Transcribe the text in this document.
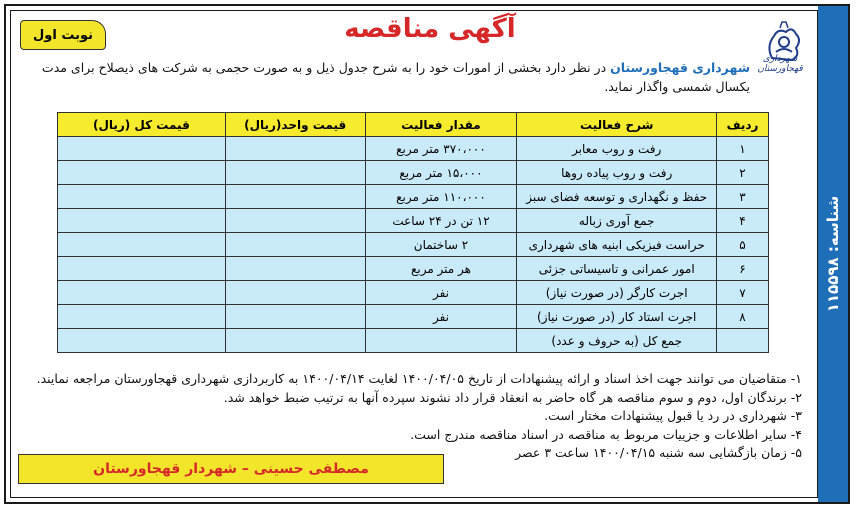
شناسه: ۱۱۵۵۹۸
نوبت اول	آگهی مناقصه
شهرداری قهجاورستان
شهرداری قهجاورستان در نظر دارد بخشی از امورات خود را به شرح جدول ذیل و به صورت حجمی به شرکت های ذیصلاح برای مدت
یکسال شمسی واگذار نماید.
ردیف	شرح فعالیت	مقدار فعالیت	قیمت واحد(ریال)	قیمت کل (ریال)
۱	رفت و روب معابر	۳۷۰،۰۰۰ متر مربع		
۲	رفت و روب پیاده روها	۱۵،۰۰۰ متر مربع		
۳	حفظ و نگهداری و توسعه فضای سبز	۱۱۰،۰۰۰ متر مربع		
۴	جمع آوری زباله	۱۲ تن در ۲۴ ساعت		
۵	حراست فیزیکی ابنیه های شهرداری	۲ ساختمان		
۶	امور عمرانی و تاسیساتی جزئی	هر متر مربع		
۷	اجرت کارگر (در صورت نیاز)	نفر		
۸	اجرت استاد کار (در صورت نیاز)	نفر		
	جمع کل (به حروف و عدد)			
۱- متقاضیان می توانند جهت اخذ اسناد و ارائه پیشنهادات از تاریخ ۱۴۰۰/۰۴/۰۵ لغایت ۱۴۰۰/۰۴/۱۴ به کاربردازی شهرداری قهجاورستان مراجعه نمایند.
۲- برندگان اول، دوم و سوم مناقصه هر گاه حاضر به انعقاد قرار داد نشوند سپرده آنها به ترتیب ضبط خواهد شد.
۳- شهرداری در رد یا قبول پیشنهادات مختار است.
۴- سایر اطلاعات و جزییات مربوط به مناقصه در اسناد مناقصه مندرج است.
۵- زمان بازگشایی سه شنبه ۱۴۰۰/۰۴/۱۵ ساعت ۳ عصر
مصطفی حسینی – شهردار قهجاورستان
